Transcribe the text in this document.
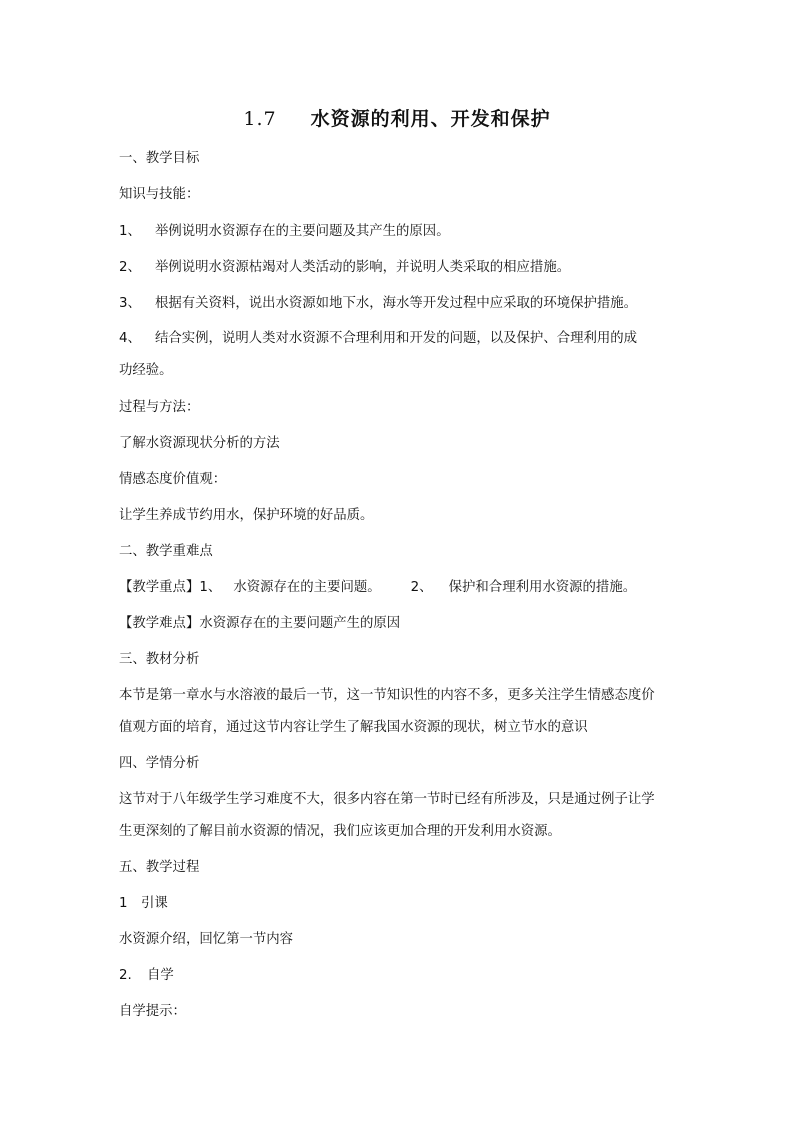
1.7 水资源的利用、开发和保护
一、教学目标
知识与技能：
1、 举例说明水资源存在的主要问题及其产生的原因。
2、 举例说明水资源枯竭对人类活动的影响，并说明人类采取的相应措施。
3、 根据有关资料，说出水资源如地下水，海水等开发过程中应采取的环境保护措施。
4、 结合实例，说明人类对水资源不合理利用和开发的问题，以及保护、合理利用的成
功经验。
过程与方法：
了解水资源现状分析的方法
情感态度价值观：
让学生养成节约用水，保护环境的好品质。
二、教学重难点
【教学重点】1、 水资源存在的主要问题。 2、 保护和合理利用水资源的措施。
【教学难点】水资源存在的主要问题产生的原因
三、教材分析
本节是第一章水与水溶液的最后一节，这一节知识性的内容不多，更多关注学生情感态度价
值观方面的培育，通过这节内容让学生了解我国水资源的现状，树立节水的意识
四、学情分析
这节对于八年级学生学习难度不大，很多内容在第一节时已经有所涉及，只是通过例子让学
生更深刻的了解目前水资源的情况，我们应该更加合理的开发利用水资源。
五、教学过程
1 引课
水资源介绍，回忆第一节内容
2. 自学
自学提示：
